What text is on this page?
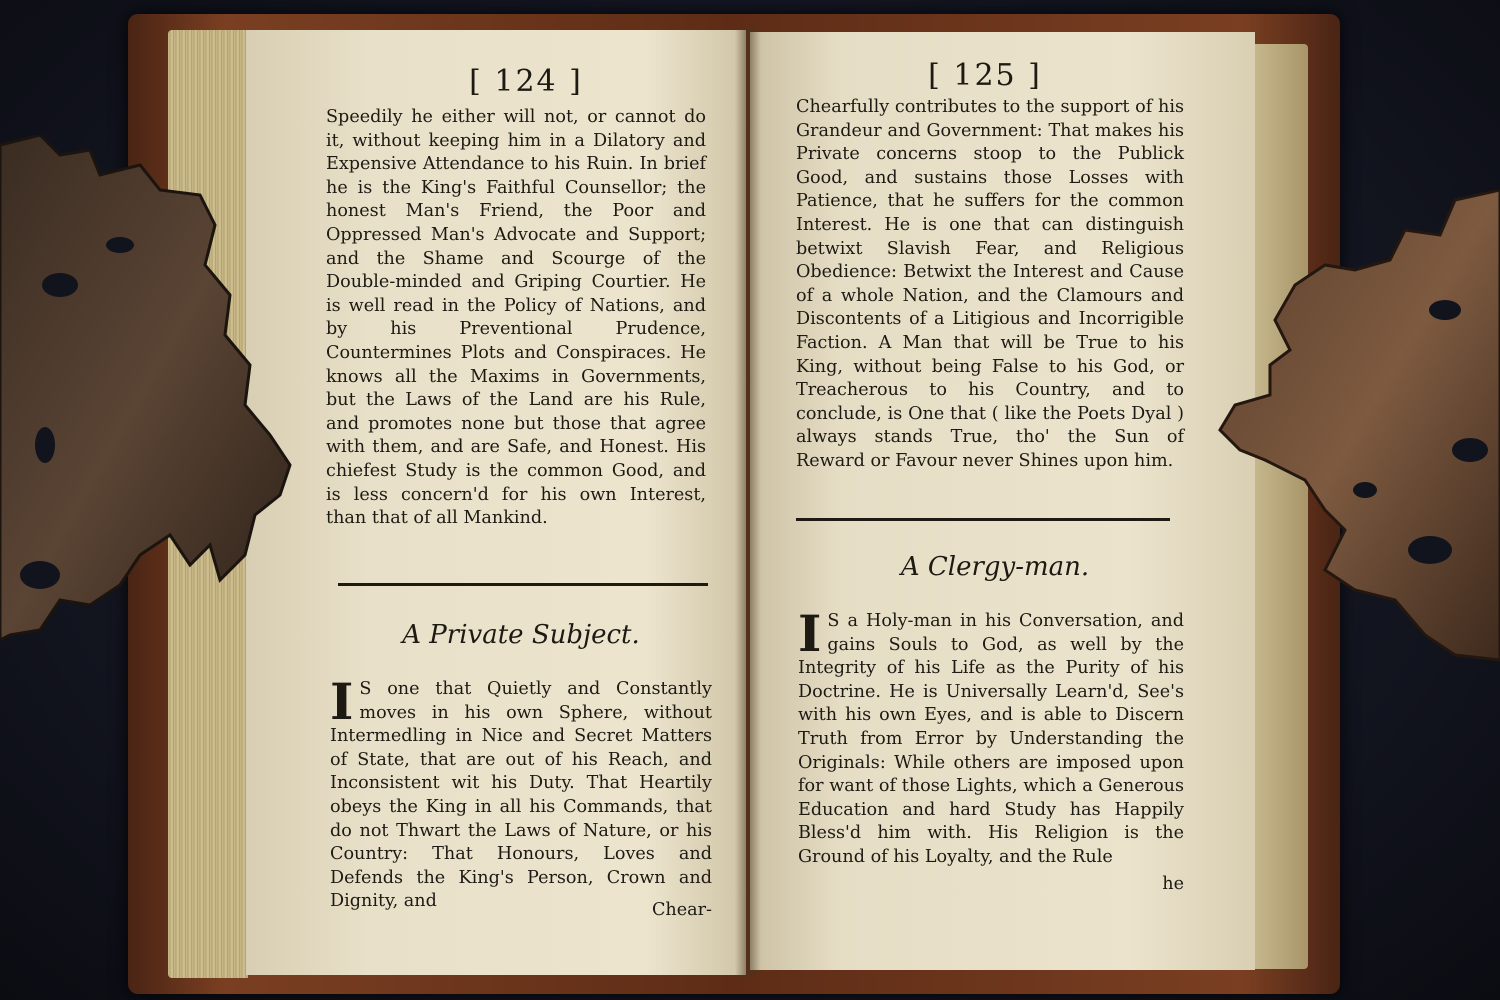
[ 124 ]

Speedily he either will not, or cannot do it, without keeping him in a Dilatory and Expensive Attendance to his Ruin. In brief he is the King's Faithful Counsellor; the honest Man's Friend, the Poor and Oppressed Man's Advocate and Support; and the Shame and Scourge of the Double-minded and Griping Courtier. He is well read in the Policy of Nations, and by his Preventional Prudence, Countermines Plots and Conspiraces. He knows all the Maxims in Governments, but the Laws of the Land are his Rule, and promotes none but those that agree with them, and are Safe, and Honest. His chiefest Study is the common Good, and is less concern'd for his own Interest, than that of all Mankind.

A Private Subject.
I S one that Quietly and Constantly moves in his own Sphere, without Intermedling in Nice and Secret Matters of State, that are out of his Reach, and Inconsistent wit his Duty. That Heartily obeys the King in all his Commands, that do not Thwart the Laws of Nature, or his Country: That Honours, Loves and Defends the King's Person, Crown and Dignity, and	Chear-
[ 125 ]

Chearfully contributes to the support of his Grandeur and Government: That makes his Private concerns stoop to the Publick Good, and sustains those Losses with Patience, that he suffers for the common Interest. He is one that can distinguish betwixt Slavish Fear, and Religious Obedience: Betwixt the Interest and Cause of a whole Nation, and the Clamours and Discontents of a Litigious and Incorrigible Faction. A Man that will be True to his King, without being False to his God, or Treacherous to his Country, and to conclude, is One that ( like the Poets Dyal ) always stands True, tho' the Sun of Reward or Favour never Shines upon him.

A Clergy-man.
I S a Holy-man in his Conversation, and gains Souls to God, as well by the Integrity of his Life as the Purity of his Doctrine. He is Universally Learn'd, See's with his own Eyes, and is able to Discern Truth from Error by Understanding the Originals: While others are imposed upon for want of those Lights, which a Generous Education and hard Study has Happily Bless'd him with. His Religion is the Ground of his Loyalty, and the Rule
he
